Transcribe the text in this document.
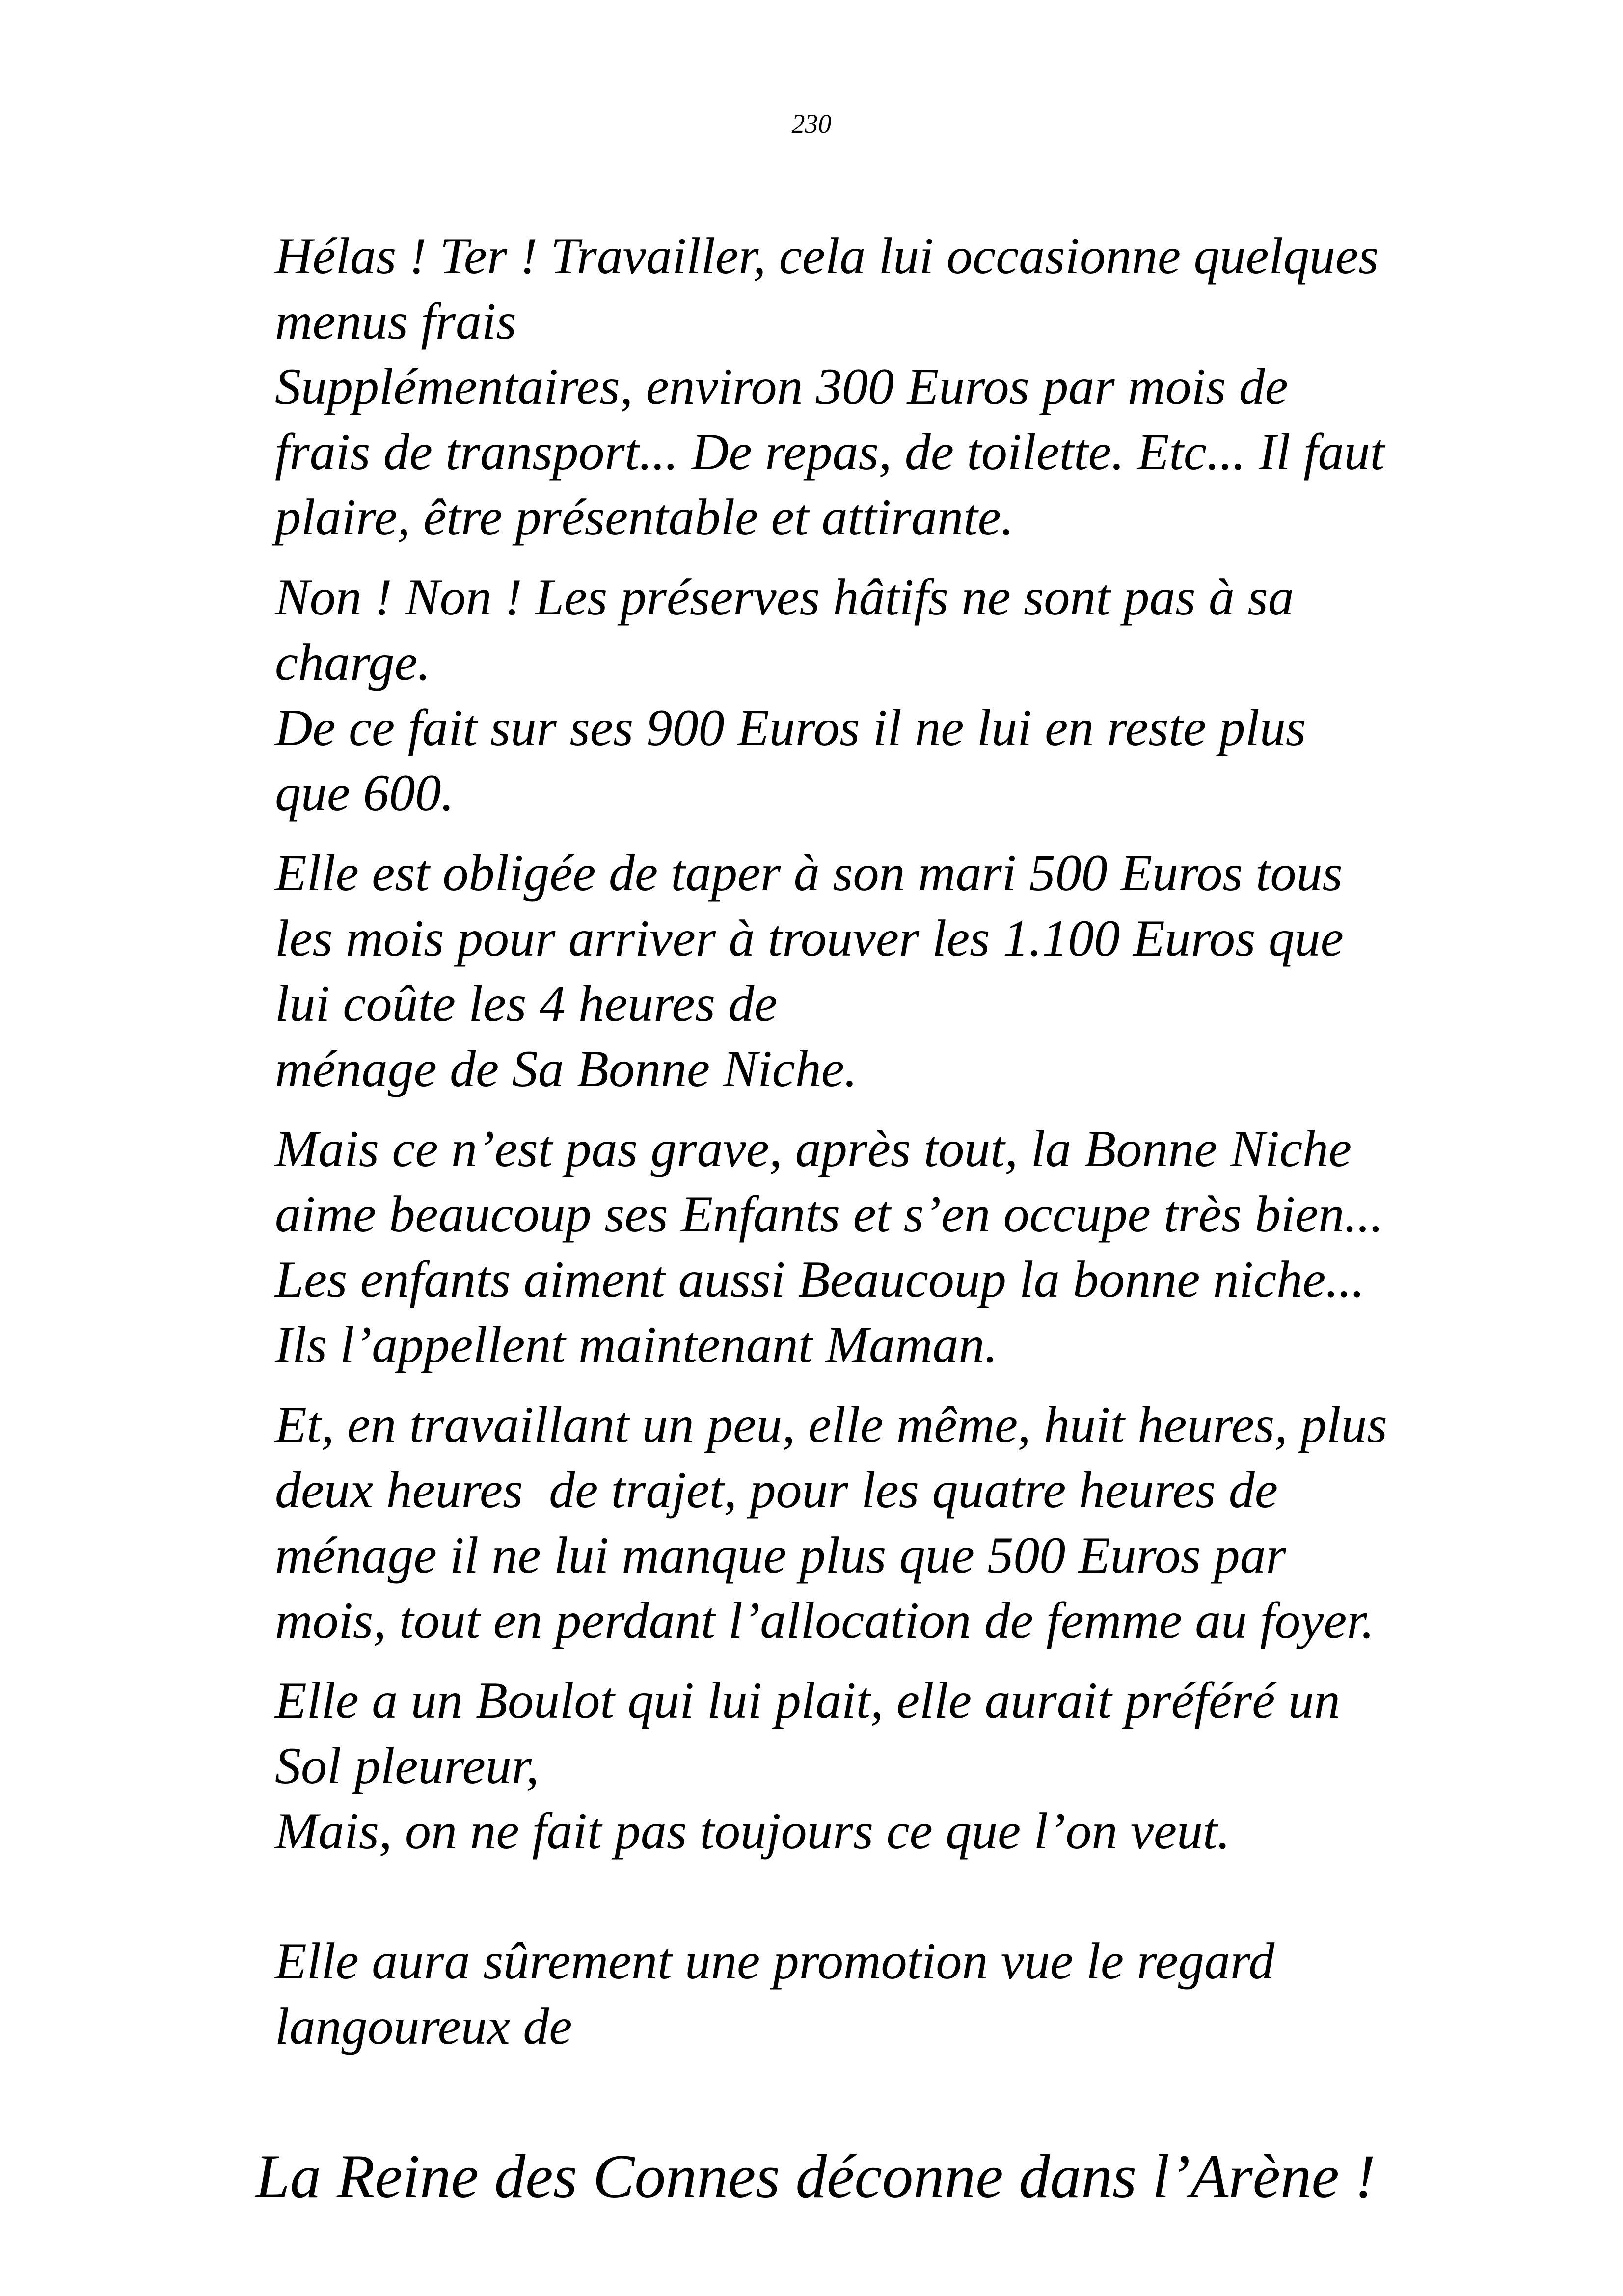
230

Hélas ! Ter ! Travailler, cela lui occasionne quelques
menus frais
Supplémentaires, environ 300 Euros par mois de
frais de transport... De repas, de toilette. Etc... Il faut
plaire, être présentable et attirante.

Non ! Non ! Les préserves hâtifs ne sont pas à sa
charge.
De ce fait sur ses 900 Euros il ne lui en reste plus
que 600.

Elle est obligée de taper à son mari 500 Euros tous
les mois pour arriver à trouver les 1.100 Euros que
lui coûte les 4 heures de
ménage de Sa Bonne Niche.

Mais ce n’est pas grave, après tout, la Bonne Niche
aime beaucoup ses Enfants et s’en occupe très bien...
Les enfants aiment aussi Beaucoup la bonne niche...
Ils l’appellent maintenant Maman.

Et, en travaillant un peu, elle même, huit heures, plus
deux heures  de trajet, pour les quatre heures de
ménage il ne lui manque plus que 500 Euros par
mois, tout en perdant l’allocation de femme au foyer.

Elle a un Boulot qui lui plait, elle aurait préféré un
Sol pleureur,
Mais, on ne fait pas toujours ce que l’on veut.

Elle aura sûrement une promotion vue le regard
langoureux de

La Reine des Connes déconne dans l’Arène !
